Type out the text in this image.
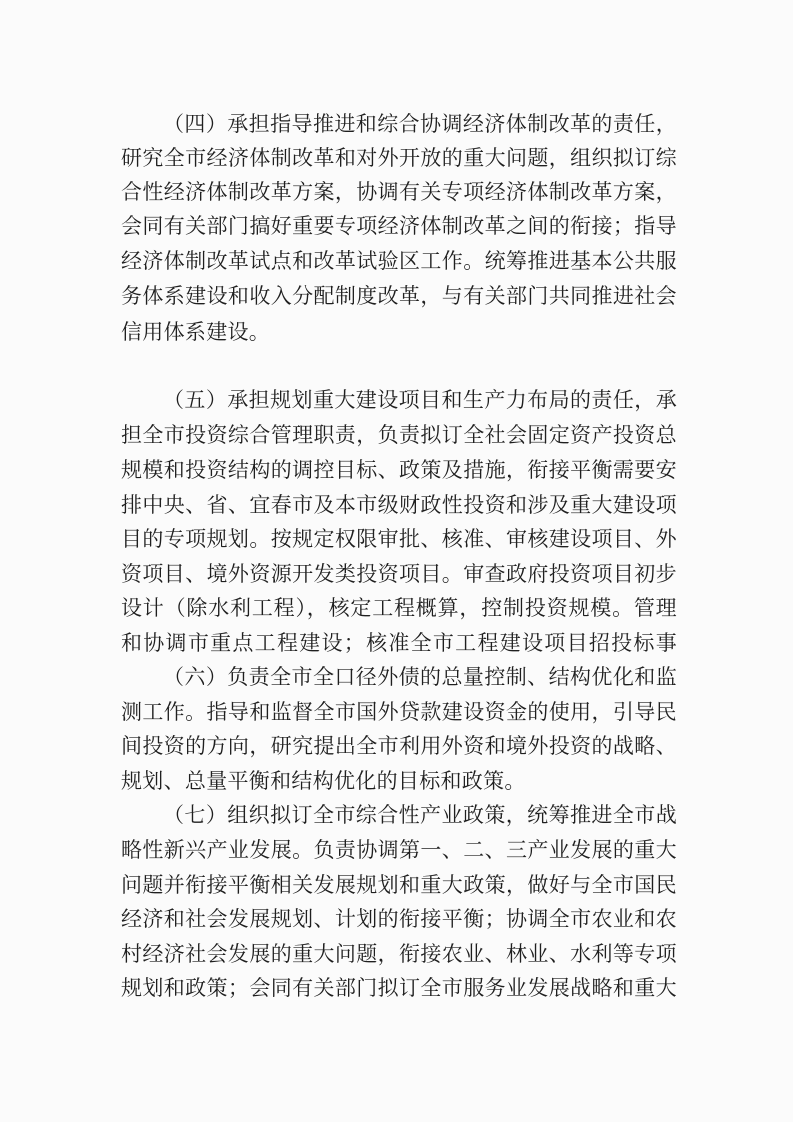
（四）承担指导推进和综合协调经济体制改革的责任，
研究全市经济体制改革和对外开放的重大问题，组织拟订综
合性经济体制改革方案，协调有关专项经济体制改革方案，
会同有关部门搞好重要专项经济体制改革之间的衔接；指导
经济体制改革试点和改革试验区工作。统筹推进基本公共服
务体系建设和收入分配制度改革，与有关部门共同推进社会
信用体系建设。
（五）承担规划重大建设项目和生产力布局的责任，承
担全市投资综合管理职责，负责拟订全社会固定资产投资总
规模和投资结构的调控目标、政策及措施，衔接平衡需要安
排中央、省、宜春市及本市级财政性投资和涉及重大建设项
目的专项规划。按规定权限审批、核准、审核建设项目、外
资项目、境外资源开发类投资项目。审查政府投资项目初步
设计（除水利工程），核定工程概算，控制投资规模。管理
和协调市重点工程建设；核准全市工程建设项目招投标事
（六）负责全市全口径外债的总量控制、结构优化和监
测工作。指导和监督全市国外贷款建设资金的使用，引导民
间投资的方向，研究提出全市利用外资和境外投资的战略、
规划、总量平衡和结构优化的目标和政策。
（七）组织拟订全市综合性产业政策，统筹推进全市战
略性新兴产业发展。负责协调第一、二、三产业发展的重大
问题并衔接平衡相关发展规划和重大政策，做好与全市国民
经济和社会发展规划、计划的衔接平衡；协调全市农业和农
村经济社会发展的重大问题，衔接农业、林业、水利等专项
规划和政策；会同有关部门拟订全市服务业发展战略和重大
